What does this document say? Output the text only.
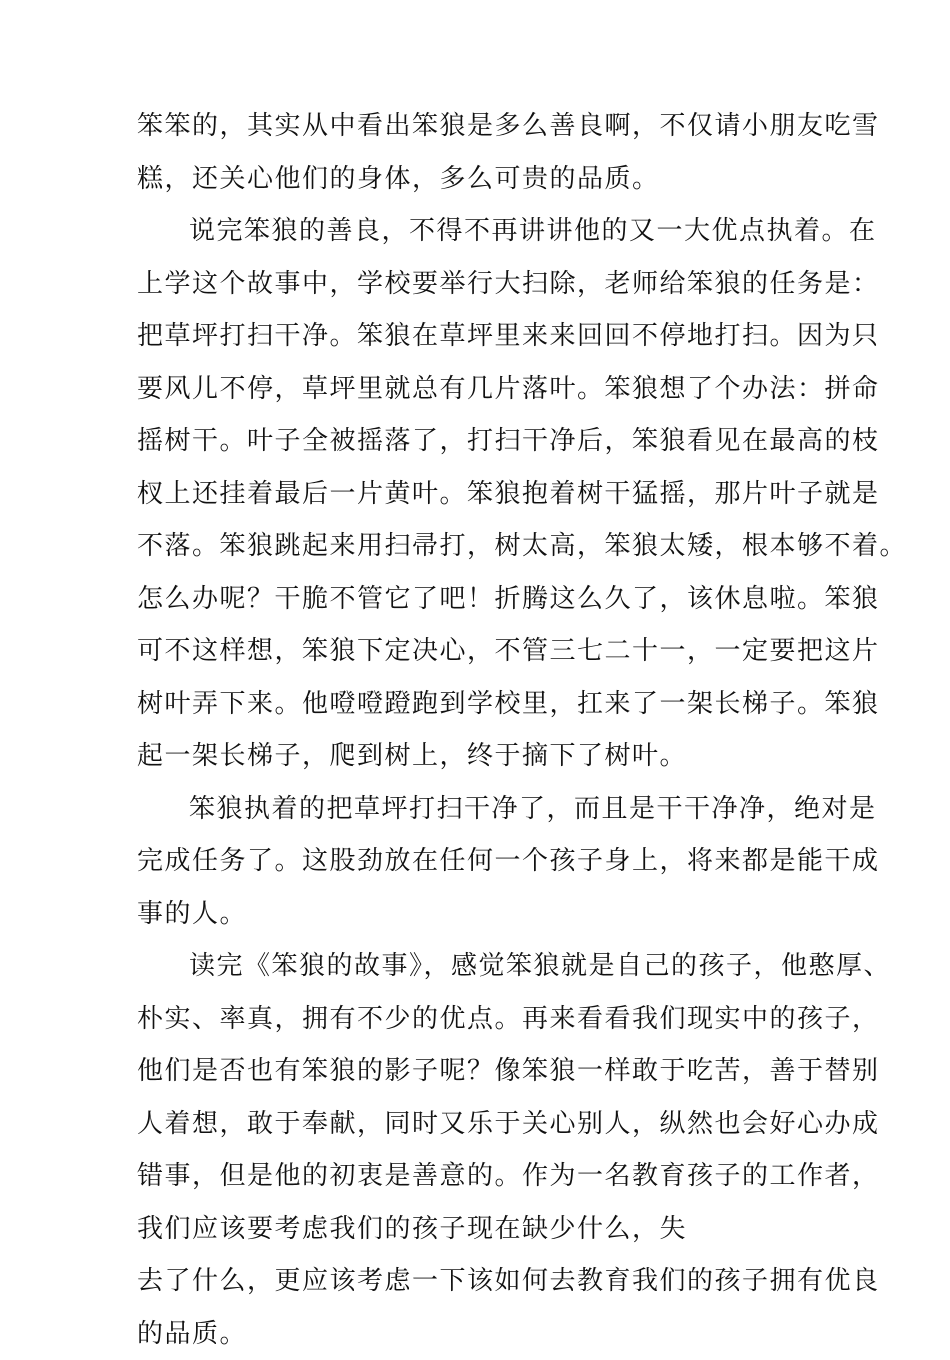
笨笨的，其实从中看出笨狼是多么善良啊，不仅请小朋友吃雪
糕，还关心他们的身体，多么可贵的品质。
说完笨狼的善良，不得不再讲讲他的又一大优点执着。在
上学这个故事中，学校要举行大扫除，老师给笨狼的任务是：
把草坪打扫干净。笨狼在草坪里来来回回不停地打扫。因为只
要风儿不停，草坪里就总有几片落叶。笨狼想了个办法：拼命
摇树干。叶子全被摇落了，打扫干净后，笨狼看见在最高的枝
杈上还挂着最后一片黄叶。笨狼抱着树干猛摇，那片叶子就是
不落。笨狼跳起来用扫帚打，树太高，笨狼太矮，根本够不着。
怎么办呢？干脆不管它了吧！折腾这么久了，该休息啦。笨狼
可不这样想，笨狼下定决心，不管三七二十一，一定要把这片
树叶弄下来。他噔噔蹬跑到学校里，扛来了一架长梯子。笨狼
起一架长梯子，爬到树上，终于摘下了树叶。
笨狼执着的把草坪打扫干净了，而且是干干净净，绝对是
完成任务了。这股劲放在任何一个孩子身上，将来都是能干成
事的人。
读完《笨狼的故事》，感觉笨狼就是自己的孩子，他憨厚、
朴实、率真，拥有不少的优点。再来看看我们现实中的孩子，
他们是否也有笨狼的影子呢？像笨狼一样敢于吃苦，善于替别
人着想，敢于奉献，同时又乐于关心别人，纵然也会好心办成
错事，但是他的初衷是善意的。作为一名教育孩子的工作者，
我们应该要考虑我们的孩子现在缺少什么，失
去了什么，更应该考虑一下该如何去教育我们的孩子拥有优良
的品质。
